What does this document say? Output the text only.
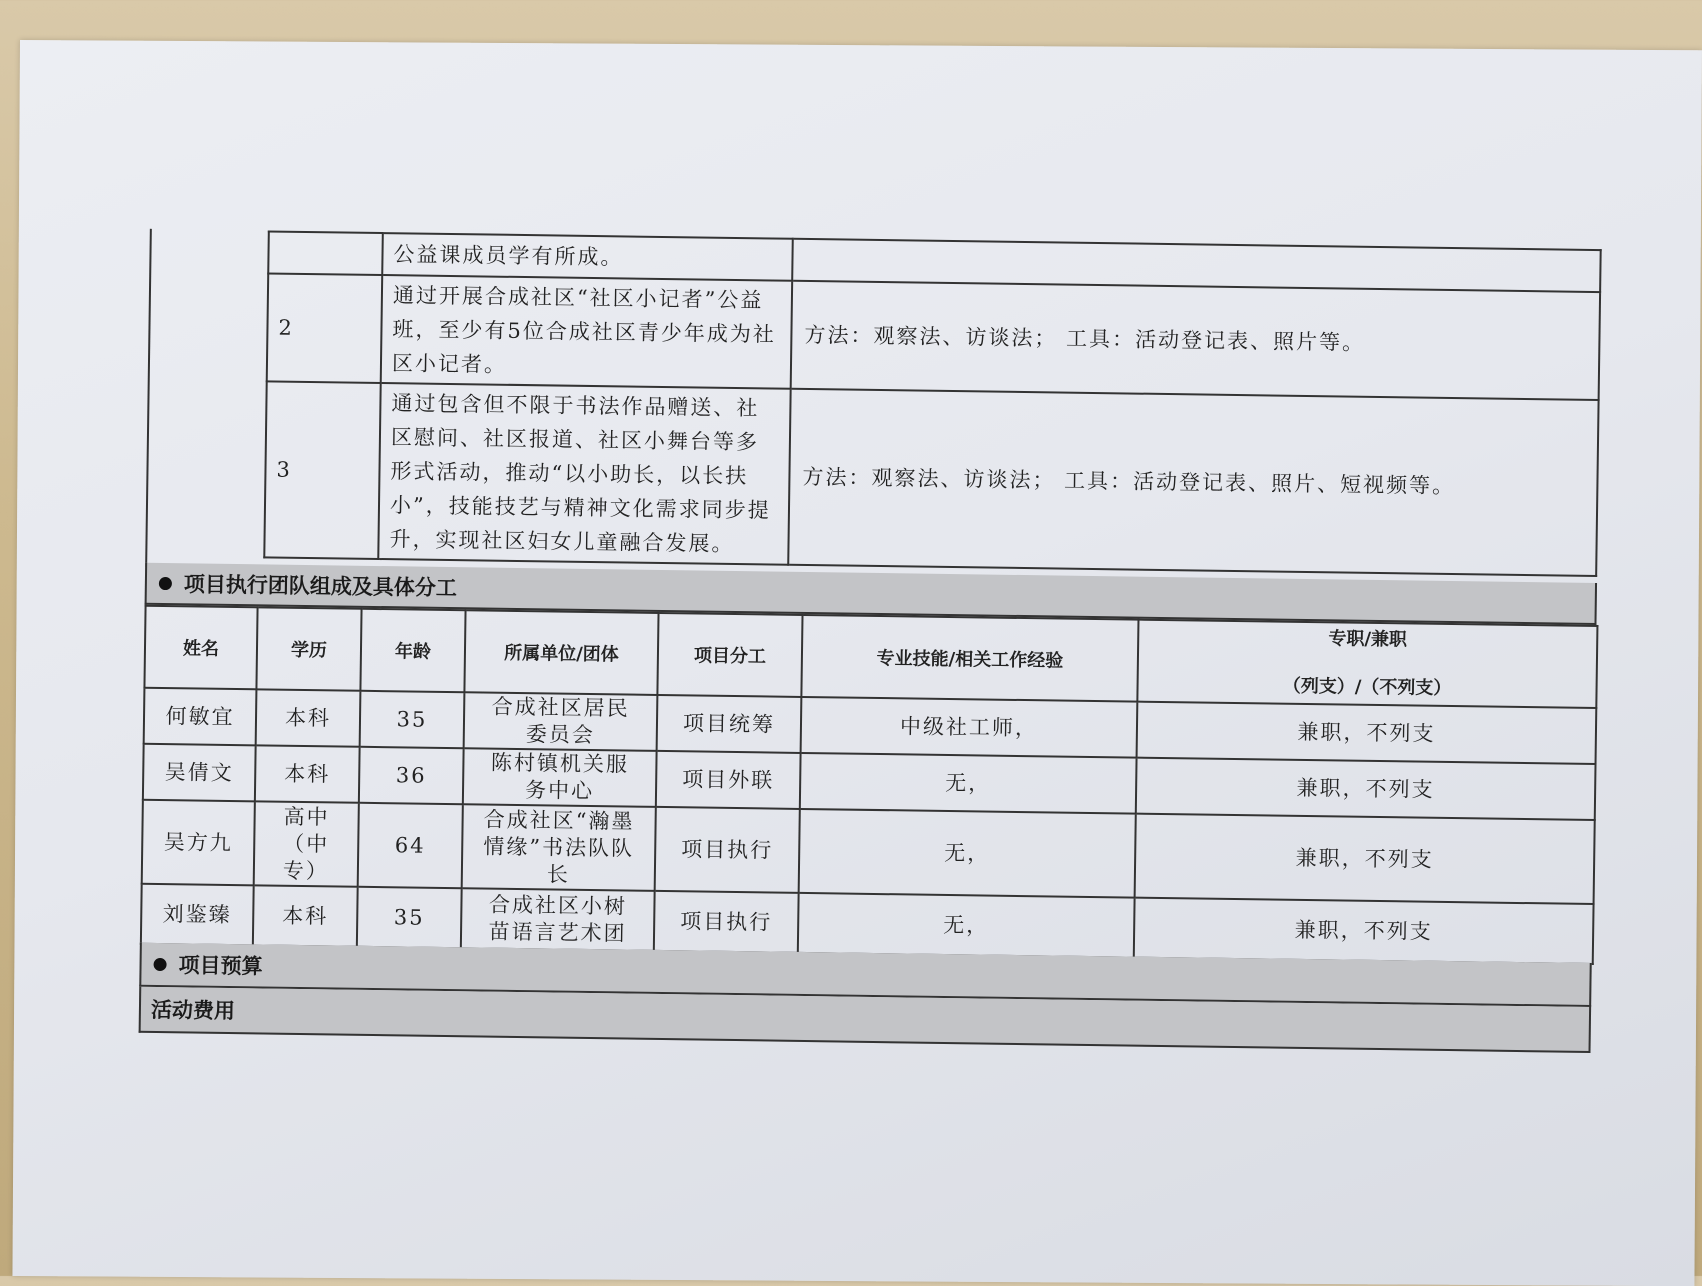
	公益课成员学有所成。	
2	通过开展合成社区“社区小记者”公益班，至少有5位合成社区青少年成为社区小记者。	方法：观察法、访谈法； 工具：活动登记表、照片等。
3	通过包含但不限于书法作品赠送、社区慰问、社区报道、社区小舞台等多形式活动，推动“以小助长，以长扶小”，技能技艺与精神文化需求同步提升，实现社区妇女儿童融合发展。	方法：观察法、访谈法； 工具：活动登记表、照片、短视频等。
项目执行团队组成及具体分工
姓名	学历	年龄	所属单位/团体	项目分工	专业技能/相关工作经验	专职/兼职
（列支）/（不列支）

何敏宜	本科	35	合成社区居民委员会	项目统筹	中级社工师，	兼职，不列支
吴倩文	本科	36	陈村镇机关服务中心	项目外联	无，	兼职，不列支
吴方九	高中（中专）	64	合成社区“瀚墨情缘”书法队队长	项目执行	无，	兼职，不列支
刘鉴臻	本科	35	合成社区小树苗语言艺术团	项目执行	无，	兼职，不列支
项目预算
活动费用
